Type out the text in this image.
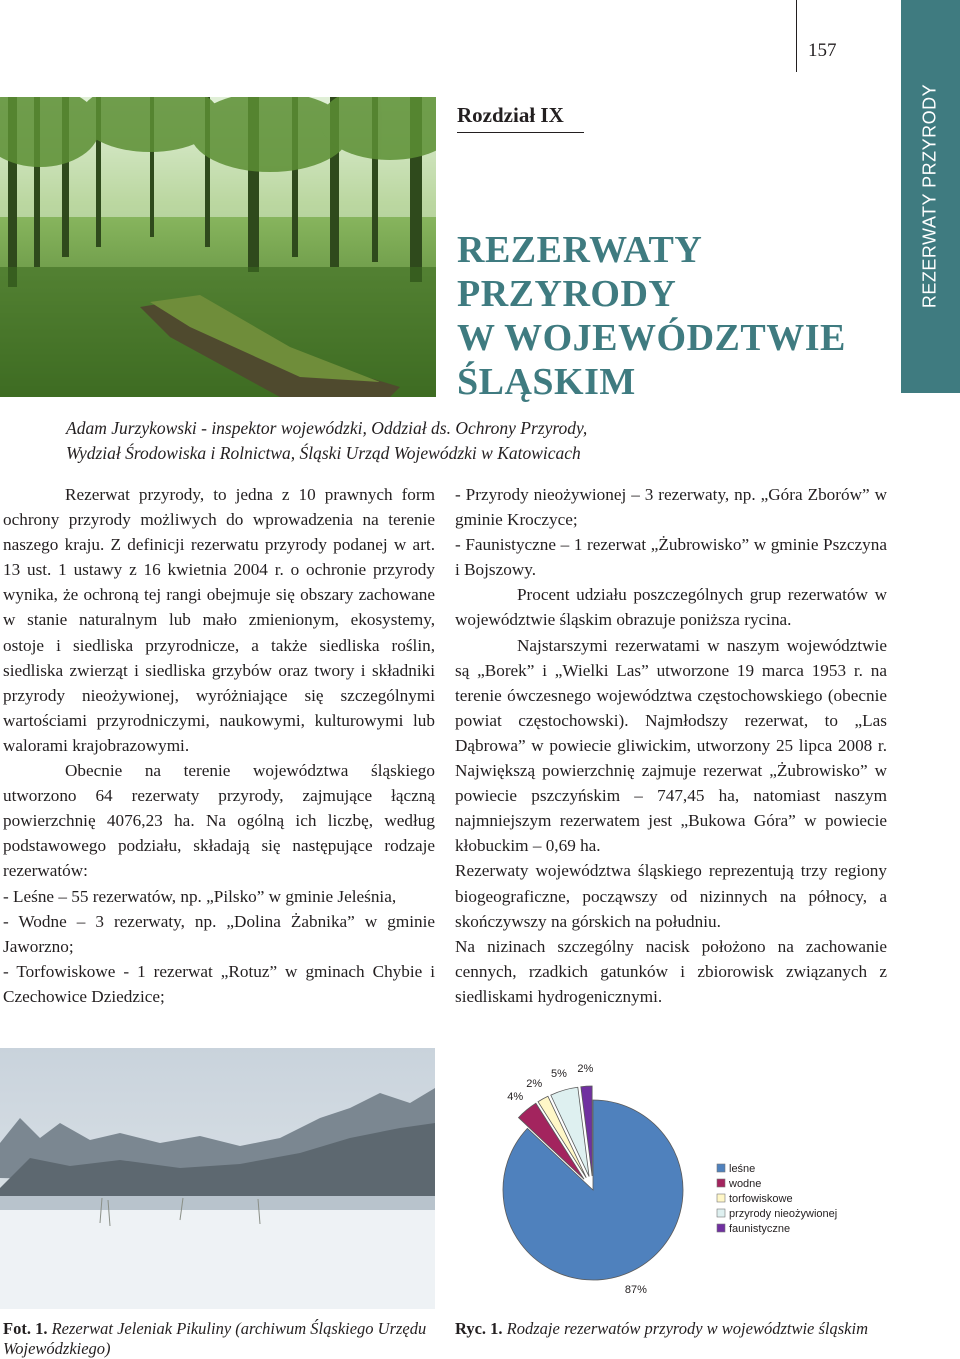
REZERWATY PRZYRODY
157
Rozdział IX
REZERWATY
PRZYRODY
W WOJEWÓDZTWIE
ŚLĄSKIM
Adam Jurzykowski - inspektor wojewódzki, Oddział ds. Ochrony Przyrody,
Wydział Środowiska i Rolnictwa, Śląski Urząd Wojewódzki w Katowicach

Rezerwat przyrody, to jedna z 10 prawnych form ochrony przyrody możliwych do wprowadzenia na terenie naszego kraju. Z definicji rezerwatu przyrody podanej w art. 13 ust. 1 ustawy z 16 kwietnia 2004 r. o ochronie przyrody wynika, że ochroną tej rangi obejmuje się obszary zachowane w stanie naturalnym lub mało zmienionym, ekosystemy, ostoje i siedliska przyrodnicze, a także siedliska roślin, siedliska zwierząt i siedliska grzybów oraz twory i składniki przyrody nieożywionej, wyróżniające się szczególnymi wartościami przyrodniczymi, naukowymi, kulturowymi lub walorami krajobrazowymi.

Obecnie na terenie województwa śląskiego utworzono 64 rezerwaty przyrody, zajmujące łączną powierzchnię 4076,23 ha. Na ogólną ich liczbę, według podstawowego podziału, składają się następujące rodzaje rezerwatów:

- Leśne – 55 rezerwatów, np. „Pilsko” w gminie Jeleśnia,

- Wodne – 3 rezerwaty, np. „Dolina Żabnika” w gminie Jaworzno;

- Torfowiskowe - 1 rezerwat „Rotuz” w gminach Chybie i Czechowice Dziedzice;

- Przyrody nieożywionej – 3 rezerwaty, np. „Góra Zborów” w gminie Kroczyce;

- Faunistyczne – 1 rezerwat „Żubrowisko” w gminie Pszczyna i Bojszowy.

Procent udziału poszczególnych grup rezerwatów w województwie śląskim obrazuje poniższa rycina.

Najstarszymi rezerwatami w naszym województwie są „Borek” i „Wielki Las” utworzone 19 marca 1953 r. na terenie ówczesnego województwa częstochowskiego (obecnie powiat częstochowski). Najmłodszy rezerwat, to „Las Dąbrowa” w powiecie gliwickim, utworzony 25 lipca 2008 r. Największą powierzchnię zajmuje rezerwat „Żubrowisko” w powiecie pszczyńskim – 747,45 ha, natomiast naszym najmniejszym rezerwatem jest „Bukowa Góra” w powiecie kłobuckim – 0,69 ha.

Rezerwaty województwa śląskiego reprezentują trzy regiony biogeograficzne, począwszy od nizinnych na północy, a skończywszy na górskich na południu.

Na nizinach szczególny nacisk położono na zachowanie cennych, rzadkich gatunków i zbiorowisk związanych z siedliskami hydrogenicznymi.

87%
4%
2%
5% 2%
leśne
wodne
torfowiskowe
przyrody nieożywionej
faunistyczne
Fot. 1. Rezerwat Jeleniak Pikuliny (archiwum Śląskiego Urzędu Wojewódzkiego)
Ryc. 1. Rodzaje rezerwatów przyrody w województwie śląskim
